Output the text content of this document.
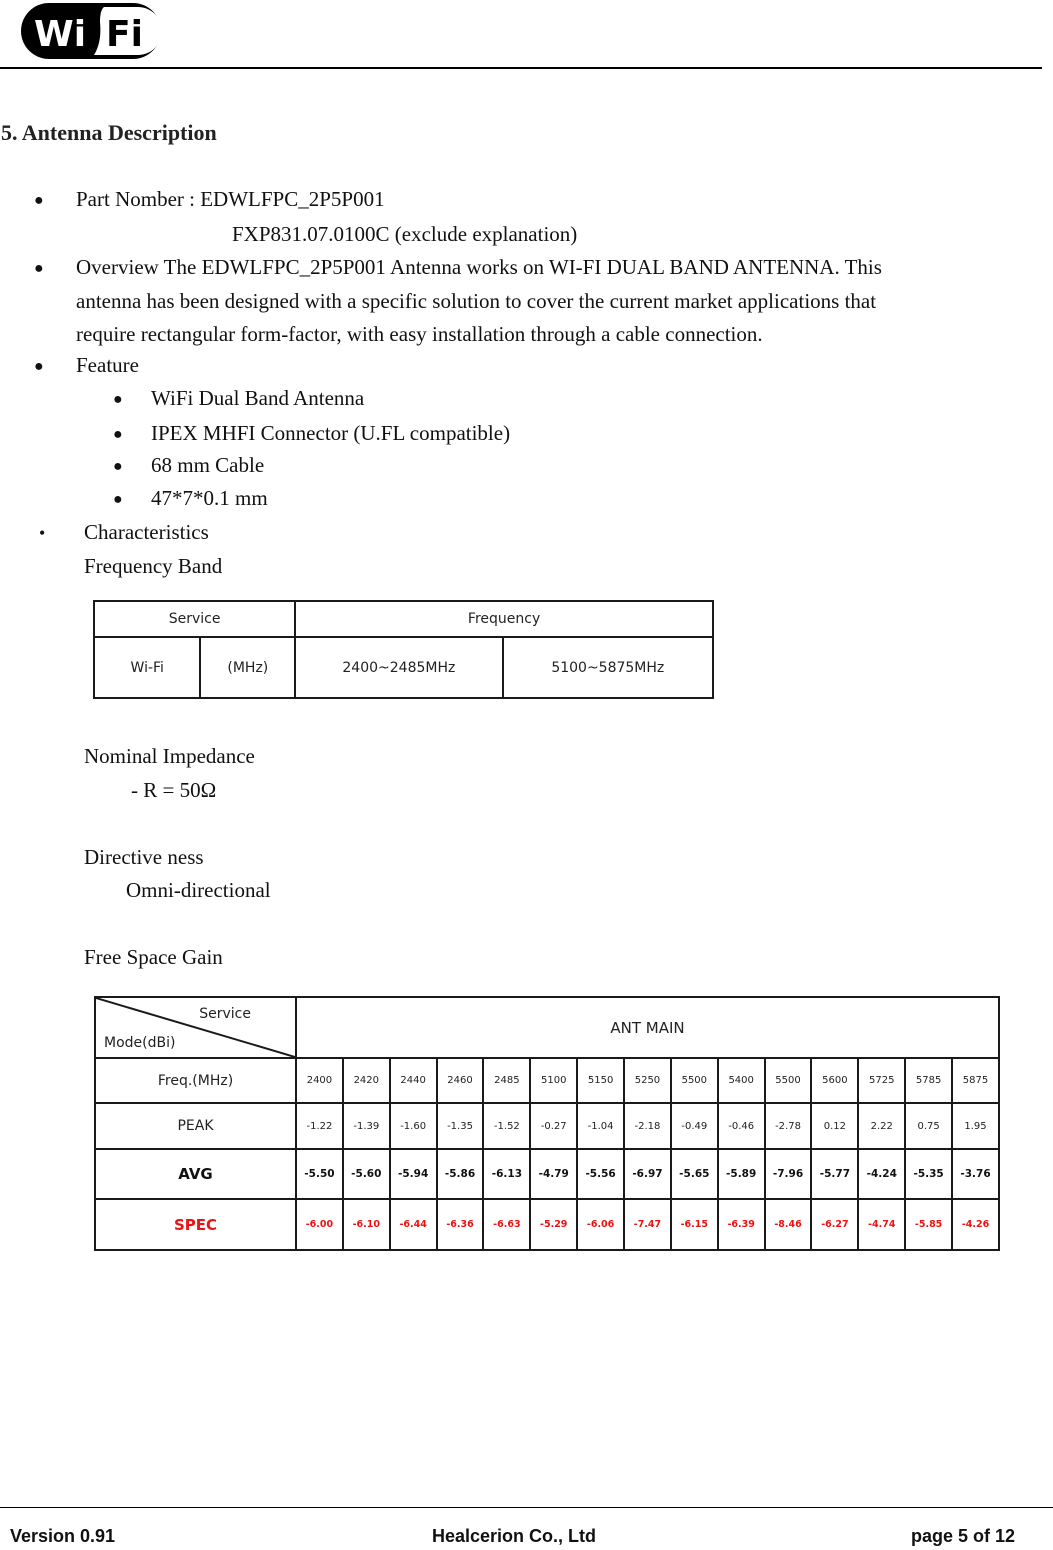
Wi Fi
5. Antenna Description
● Part Nomber : EDWLFPC_2P5P001
FXP831.07.0100C (exclude explanation)
● Overview The EDWLFPC_2P5P001 Antenna works on WI-FI DUAL BAND ANTENNA. This
antenna has been designed with a specific solution to cover the current market applications that
require rectangular form-factor, with easy installation through a cable connection.
● Feature
● WiFi Dual Band Antenna
● IPEX MHFI Connector (U.FL compatible)
● 68 mm Cable
● 47*7*0.1 mm
• Characteristics
Frequency Band
Service		Frequency	
Wi-Fi	(MHz)	2400~2485MHz	5100~5875MHz
Nominal Impedance
- R = 50Ω
Directive ness
Omni-directional
Free Space Gain
Service
Mode(dBi)	ANT MAIN														
Freq.(MHz)	2400	2420	2440	2460	2485	5100	5150	5250	5500	5400	5500	5600	5725	5785	5875
PEAK	-1.22	-1.39	-1.60	-1.35	-1.52	-0.27	-1.04	-2.18	-0.49	-0.46	-2.78	0.12	2.22	0.75	1.95
AVG	-5.50	-5.60	-5.94	-5.86	-6.13	-4.79	-5.56	-6.97	-5.65	-5.89	-7.96	-5.77	-4.24	-5.35	-3.76
SPEC	-6.00	-6.10	-6.44	-6.36	-6.63	-5.29	-6.06	-7.47	-6.15	-6.39	-8.46	-6.27	-4.74	-5.85	-4.26
Version 0.91	Healcerion Co., Ltd	page 5 of 12
